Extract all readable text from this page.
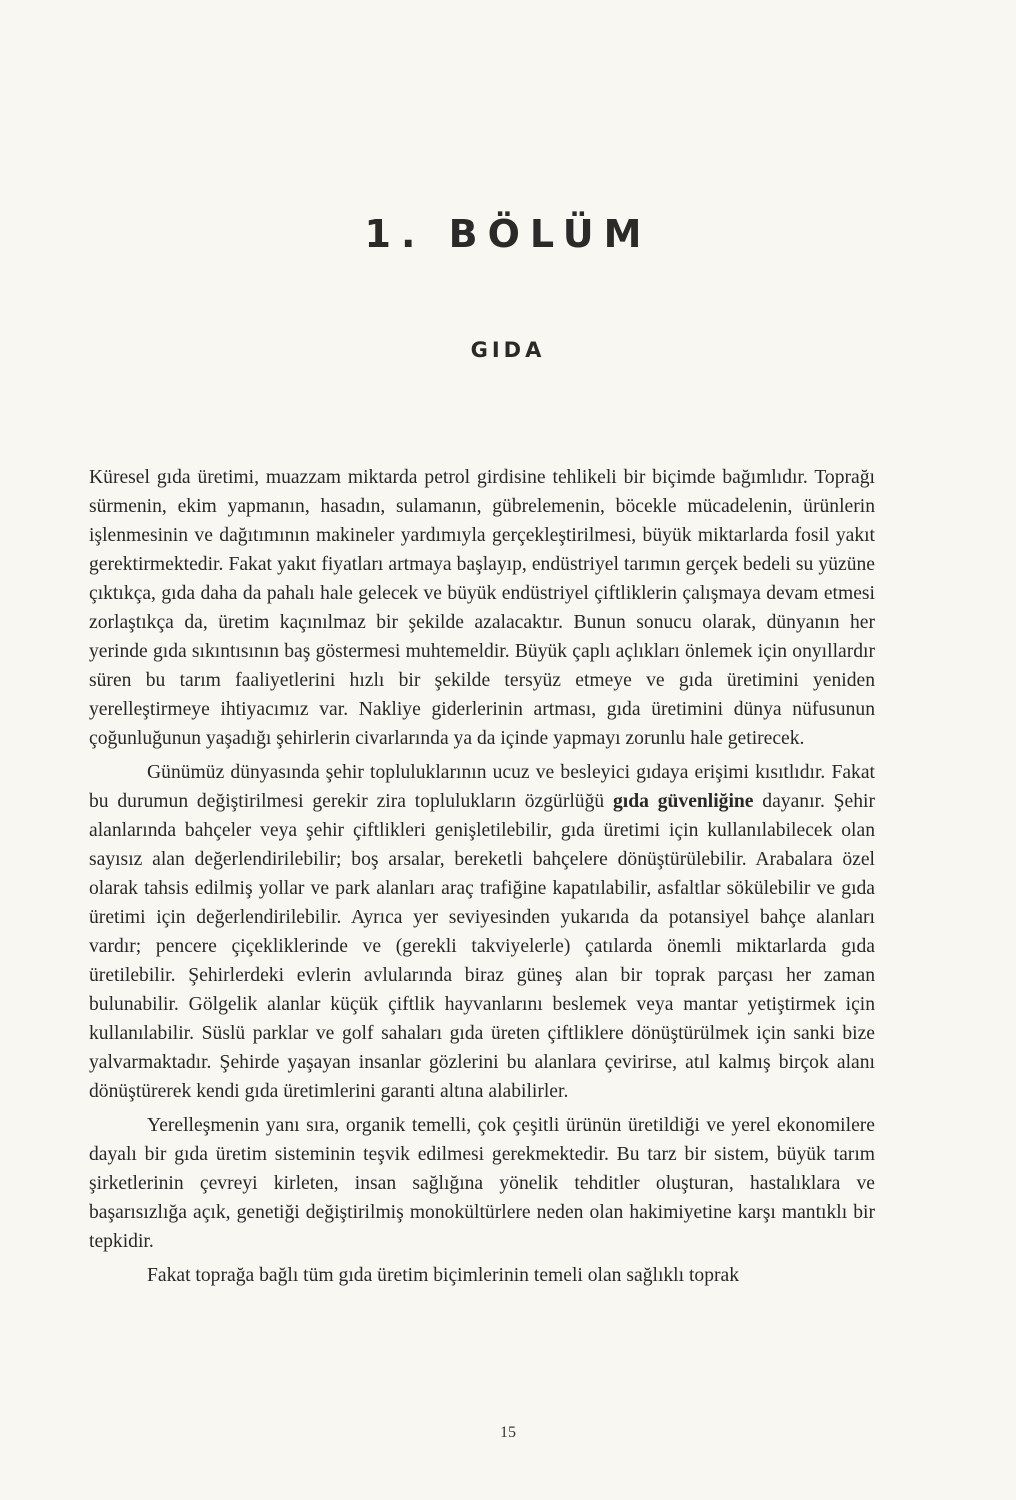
1. BÖLÜM
GIDA

Küresel gıda üretimi, muazzam miktarda petrol girdisine tehlikeli bir biçimde bağımlıdır. Toprağı sürmenin, ekim yapmanın, hasadın, sulamanın, gübrelemenin, böcekle mücadelenin, ürünlerin işlenmesinin ve dağıtımının makineler yardımıyla gerçekleştirilmesi, büyük miktarlarda fosil yakıt gerektirmektedir. Fakat yakıt fiyatları artmaya başlayıp, endüstriyel tarımın gerçek bedeli su yüzüne çıktıkça, gıda daha da pahalı hale gelecek ve büyük endüstriyel çiftliklerin çalışmaya devam etmesi zorlaştıkça da, üretim kaçınılmaz bir şekilde azalacaktır. Bunun sonucu olarak, dünyanın her yerinde gıda sıkıntısının baş göstermesi muhtemeldir. Büyük çaplı açlıkları önlemek için onyıllardır süren bu tarım faaliyetlerini hızlı bir şekilde tersyüz etmeye ve gıda üretimini yeniden yerelleştirmeye ihtiyacımız var. Nakliye giderlerinin artması, gıda üretimini dünya nüfusunun çoğunluğunun yaşadığı şehirlerin civarlarında ya da içinde yapmayı zorunlu hale getirecek.

Günümüz dünyasında şehir topluluklarının ucuz ve besleyici gıdaya erişimi kısıtlıdır. Fakat bu durumun değiştirilmesi gerekir zira toplulukların özgürlüğü gıda güvenliğine dayanır. Şehir alanlarında bahçeler veya şehir çiftlikleri genişletilebilir, gıda üretimi için kullanılabilecek olan sayısız alan değerlendirilebilir; boş arsalar, bereketli bahçelere dönüştürülebilir. Arabalara özel olarak tahsis edilmiş yollar ve park alanları araç trafiğine kapatılabilir, asfaltlar sökülebilir ve gıda üretimi için değerlendirilebilir. Ayrıca yer seviyesinden yukarıda da potansiyel bahçe alanları vardır; pencere çiçekliklerinde ve (gerekli takviyelerle) çatılarda önemli miktarlarda gıda üretilebilir. Şehirlerdeki evlerin avlularında biraz güneş alan bir toprak parçası her zaman bulunabilir. Gölgelik alanlar küçük çiftlik hayvanlarını beslemek veya mantar yetiştirmek için kullanılabilir. Süslü parklar ve golf sahaları gıda üreten çiftliklere dönüştürülmek için sanki bize yalvarmaktadır. Şehirde yaşayan insanlar gözlerini bu alanlara çevirirse, atıl kalmış birçok alanı dönüştürerek kendi gıda üretimlerini garanti altına alabilirler.

Yerelleşmenin yanı sıra, organik temelli, çok çeşitli ürünün üretildiği ve yerel ekonomilere dayalı bir gıda üretim sisteminin teşvik edilmesi gerekmektedir. Bu tarz bir sistem, büyük tarım şirketlerinin çevreyi kirleten, insan sağlığına yönelik tehditler oluşturan, hastalıklara ve başarısızlığa açık, genetiği değiştirilmiş monokültürlere neden olan hakimiyetine karşı mantıklı bir tepkidir.

Fakat toprağa bağlı tüm gıda üretim biçimlerinin temeli olan sağlıklı toprak

15
